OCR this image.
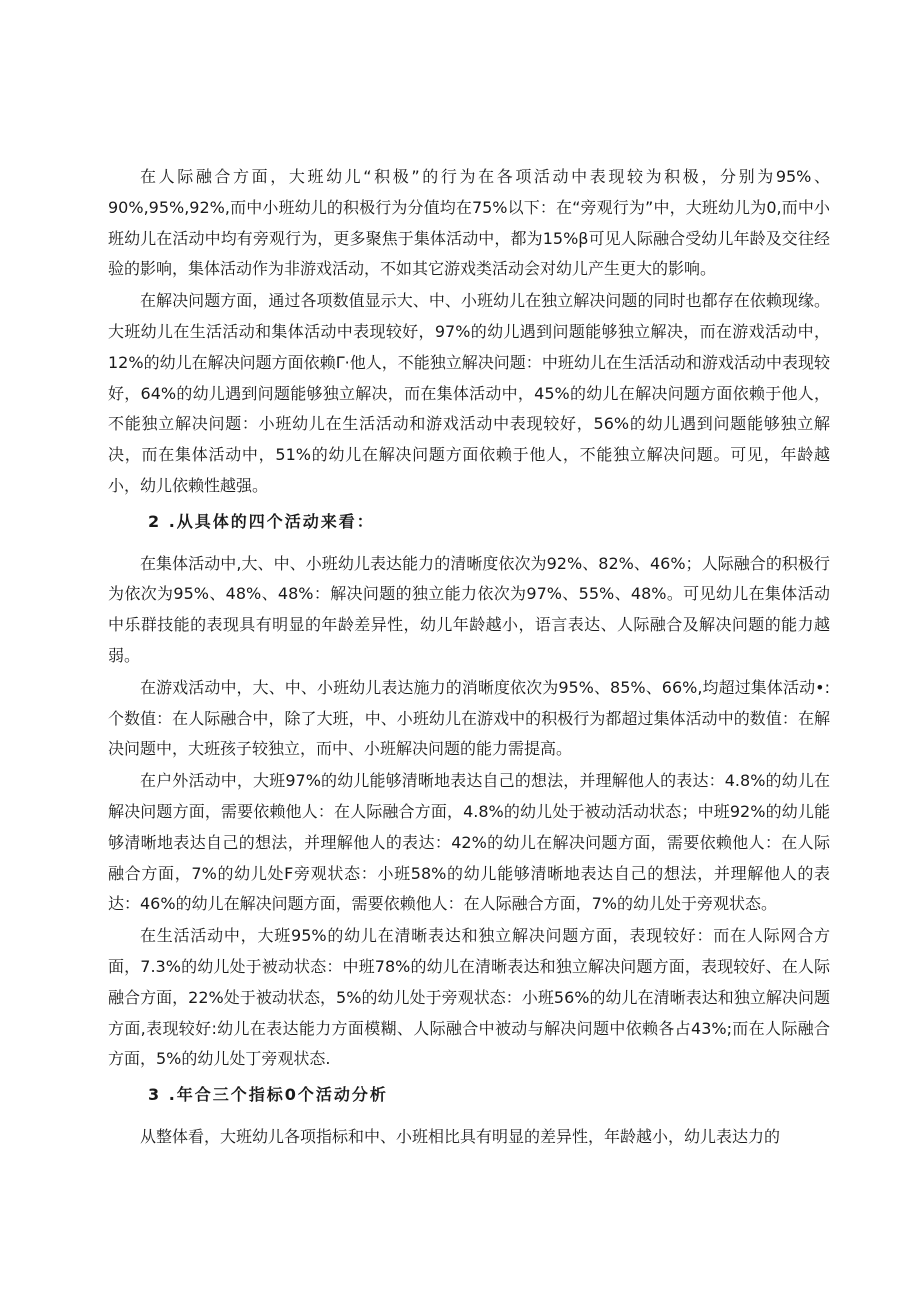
在人际融合方面，大班幼儿“积极”的行为在各项活动中表现较为积极，分别为95%、90%,95%,92%,而中小班幼儿的积极行为分值均在75%以下：在“旁观行为”中，大班幼儿为0,而中小班幼儿在活动中均有旁观行为，更多聚焦于集体活动中，都为15%β可见人际融合受幼儿年龄及交往经验的影响，集体活动作为非游戏活动，不如其它游戏类活动会对幼儿产生更大的影响。

在解决问题方面，通过各项数值显示大、中、小班幼儿在独立解决问题的同时也都存在依赖现缘。大班幼儿在生活活动和集体活动中表现较好，97%的幼儿遇到问题能够独立解决，而在游戏活动中，12%的幼儿在解决问题方面依赖Γ·他人，不能独立解决问题：中班幼儿在生活活动和游戏活动中表现较好，64%的幼儿遇到问题能够独立解决，而在集体活动中，45%的幼儿在解决问题方面依赖于他人，不能独立解决问题：小班幼儿在生活活动和游戏活动中表现较好，56%的幼儿遇到问题能够独立解决，而在集体活动中，51%的幼儿在解决问题方面依赖于他人，不能独立解决问题。可见，年龄越小，幼儿依赖性越强。

2 .从具体的四个活动来看：

在集体活动中,大、中、小班幼儿表达能力的清晰度依次为92%、82%、46%；人际融合的积极行为依次为95%、48%、48%：解决问题的独立能力依次为97%、55%、48%。可见幼儿在集体活动中乐群技能的表现具有明显的年龄差异性，幼儿年龄越小，语言表达、人际融合及解决问题的能力越弱。

在游戏活动中，大、中、小班幼儿表达施力的消晰度依次为95%、85%、66%,均超过集体活动•:个数值：在人际融合中，除了大班，中、小班幼儿在游戏中的积极行为都超过集体活动中的数值：在解决问题中，大班孩子较独立，而中、小班解决问题的能力需提高。

在户外活动中，大班97%的幼儿能够清晰地表达自己的想法，并理解他人的表达：4.8%的幼儿在解决问题方面，需要依赖他人：在人际融合方面，4.8%的幼儿处于被动活动状态；中班92%的幼儿能够清晰地表达自己的想法，并理解他人的表达：42%的幼儿在解决问题方面，需要依赖他人：在人际融合方面，7%的幼儿处F旁观状态：小班58%的幼儿能够清晰地表达自己的想法，并理解他人的表达：46%的幼儿在解决问题方面，需要依赖他人：在人际融合方面，7%的幼儿处于旁观状态。

在生活活动中，大班95%的幼儿在清晰表达和独立解决问题方面，表现较好：而在人际网合方面，7.3%的幼儿处于被动状态：中班78%的幼儿在清晰表达和独立解决问题方面，表现较好、在人际融合方面，22%处于被动状态，5%的幼儿处于旁观状态：小班56%的幼儿在清晰表达和独立解决问题方面,表现较好:幼儿在表达能力方面模糊、人际融合中被动与解决问题中依赖各占43%;而在人际融合方面，5%的幼儿处丁旁观状态.

3 .年合三个指标0个活动分析

从整体看，大班幼儿各项指标和中、小班相比具有明显的差异性，年龄越小，幼儿表达力的
